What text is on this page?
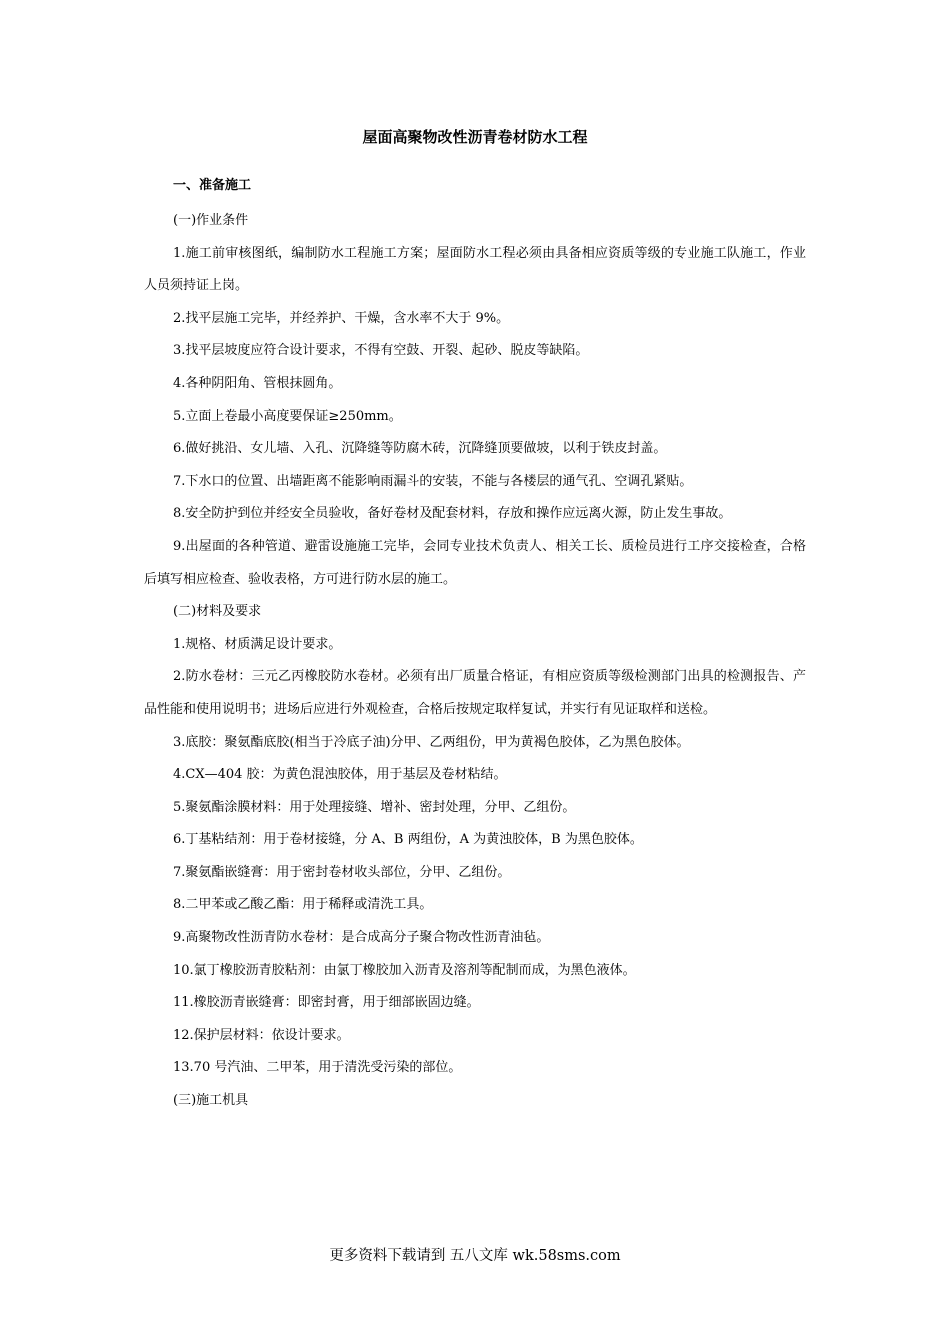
屋面高聚物改性沥青卷材防水工程

一、准备施工

(一)作业条件

1.施工前审核图纸，编制防水工程施工方案；屋面防水工程必须由具备相应资质等级的专业施工队施工，作业人员须持证上岗。

2.找平层施工完毕，并经养护、干燥，含水率不大于 9%。

3.找平层坡度应符合设计要求，不得有空鼓、开裂、起砂、脱皮等缺陷。

4.各种阴阳角、管根抹圆角。

5.立面上卷最小高度要保证≥250mm。

6.做好挑沿、女儿墙、入孔、沉降缝等防腐木砖，沉降缝顶要做坡，以利于铁皮封盖。

7.下水口的位置、出墙距离不能影响雨漏斗的安装，不能与各楼层的通气孔、空调孔紧贴。

8.安全防护到位并经安全员验收，备好卷材及配套材料，存放和操作应远离火源，防止发生事故。

9.出屋面的各种管道、避雷设施施工完毕，会同专业技术负责人、相关工长、质检员进行工序交接检查，合格后填写相应检查、验收表格，方可进行防水层的施工。

(二)材料及要求

1.规格、材质满足设计要求。

2.防水卷材：三元乙丙橡胶防水卷材。必须有出厂质量合格证，有相应资质等级检测部门出具的检测报告、产品性能和使用说明书；进场后应进行外观检查，合格后按规定取样复试，并实行有见证取样和送检。

3.底胶：聚氨酯底胶(相当于冷底子油)分甲、乙两组份，甲为黄褐色胶体，乙为黑色胶体。

4.CX—404 胶：为黄色混浊胶体，用于基层及卷材粘结。

5.聚氨酯涂膜材料：用于处理接缝、增补、密封处理，分甲、乙组份。

6.丁基粘结剂：用于卷材接缝，分 A、B 两组份，A 为黄浊胶体，B 为黑色胶体。

7.聚氨酯嵌缝膏：用于密封卷材收头部位，分甲、乙组份。

8.二甲苯或乙酸乙酯：用于稀释或清洗工具。

9.高聚物改性沥青防水卷材：是合成高分子聚合物改性沥青油毡。

10.氯丁橡胶沥青胶粘剂：由氯丁橡胶加入沥青及溶剂等配制而成，为黑色液体。

11.橡胶沥青嵌缝膏：即密封膏，用于细部嵌固边缝。

12.保护层材料：依设计要求。

13.70 号汽油、二甲苯，用于清洗受污染的部位。

(三)施工机具

更多资料下载请到 五八文库 wk.58sms.com
